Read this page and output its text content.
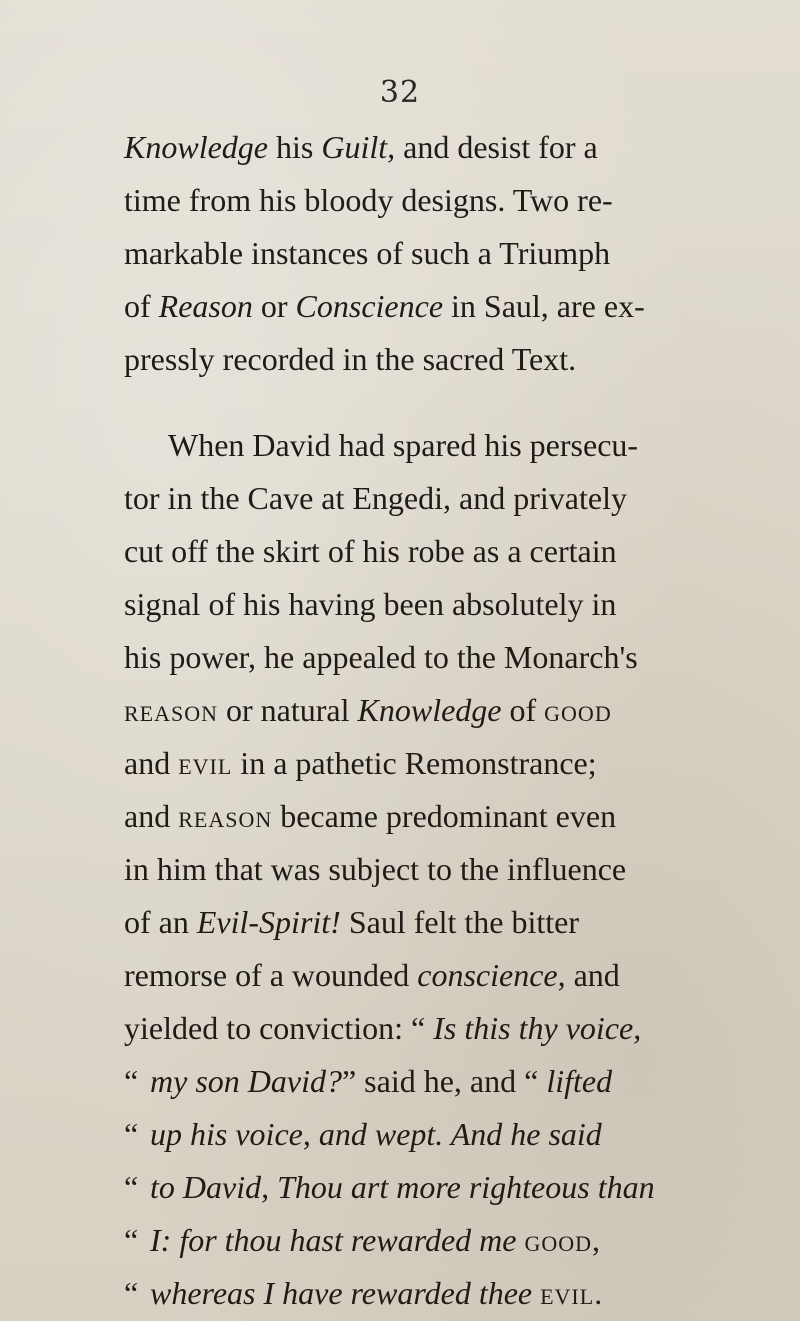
32
Knowledge his Guilt, and desist for a
time from his bloody designs. Two re-
markable instances of such a Triumph
of Reason or Conscience in Saul, are ex-
pressly recorded in the sacred Text.
When David had spared his persecu-
tor in the Cave at Engedi, and privately
cut off the skirt of his robe as a certain
signal of his having been absolutely in
his power, he appealed to the Monarch's
reason or natural Knowledge of good
and evil in a pathetic Remonstrance;
and reason became predominant even
in him that was subject to the influence
of an Evil-Spirit! Saul felt the bitter
remorse of a wounded conscience, and
yielded to conviction: “ Is this thy voice,
“ my son David?” said he, and “ lifted
“ up his voice, and wept. And he said
“ to David, Thou art more righteous than
“ I: for thou hast rewarded me good,
“ whereas I have rewarded thee evil.
